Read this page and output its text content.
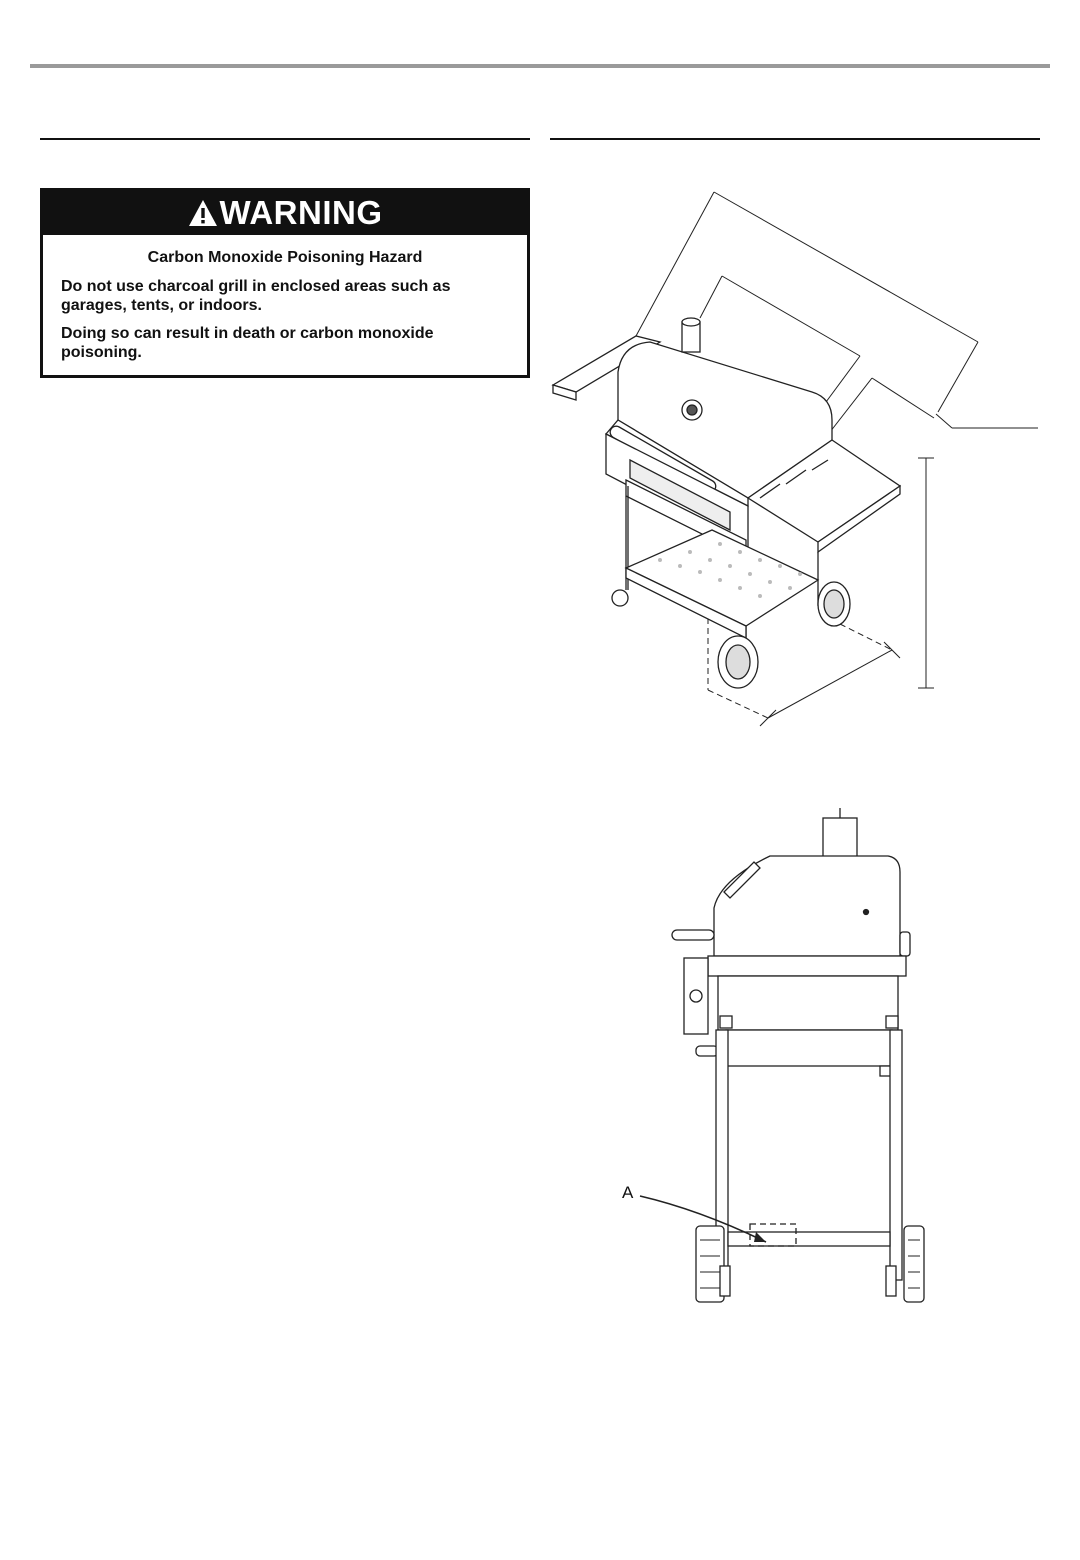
WARNING
Carbon Monoxide Poisoning Hazard

Do not use charcoal grill in enclosed areas such as garages, tents, or indoors.

Doing so can result in death or carbon monoxide poisoning.

A
